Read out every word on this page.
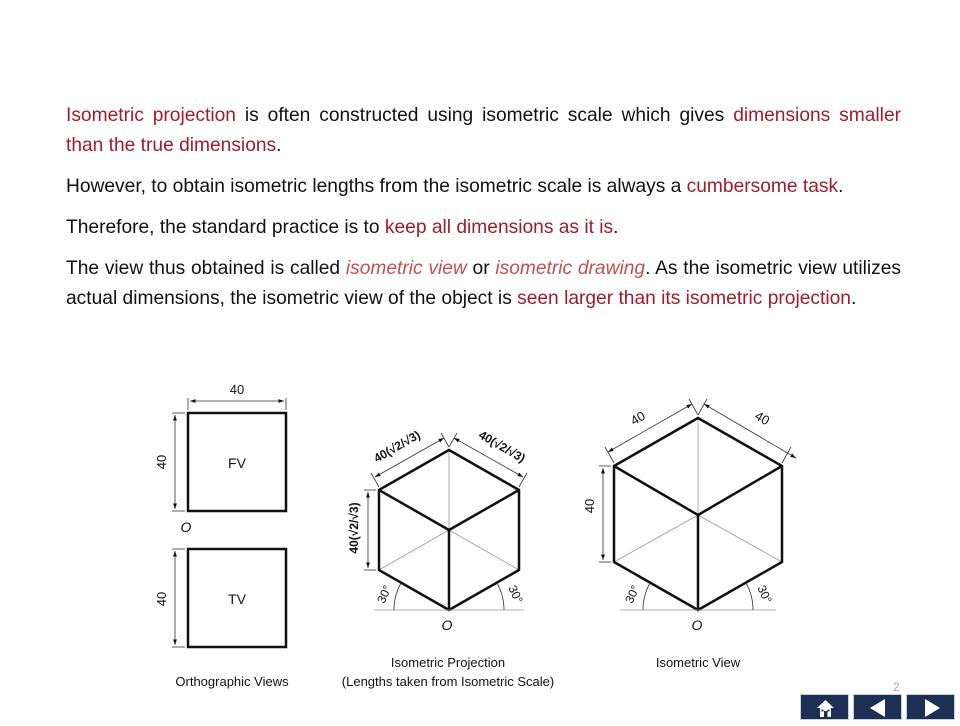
Isometric projection is often constructed using isometric scale which gives dimensions smaller than the true dimensions.

However, to obtain isometric lengths from the isometric scale is always a cumbersome task.

Therefore, the standard practice is to keep all dimensions as it is.

The view thus obtained is called isometric view or isometric drawing. As the isometric view utilizes actual dimensions, the isometric view of the object is seen larger than its isometric projection.

FV
40
40
O
TV
40
Orthographic Views
40(√2/√3)	40(√2/√3)
40(√2/√3)
30°	30°
O
Isometric Projection
(Lengths taken from Isometric Scale)
40	40
40
30°	30°
O
Isometric View
2
